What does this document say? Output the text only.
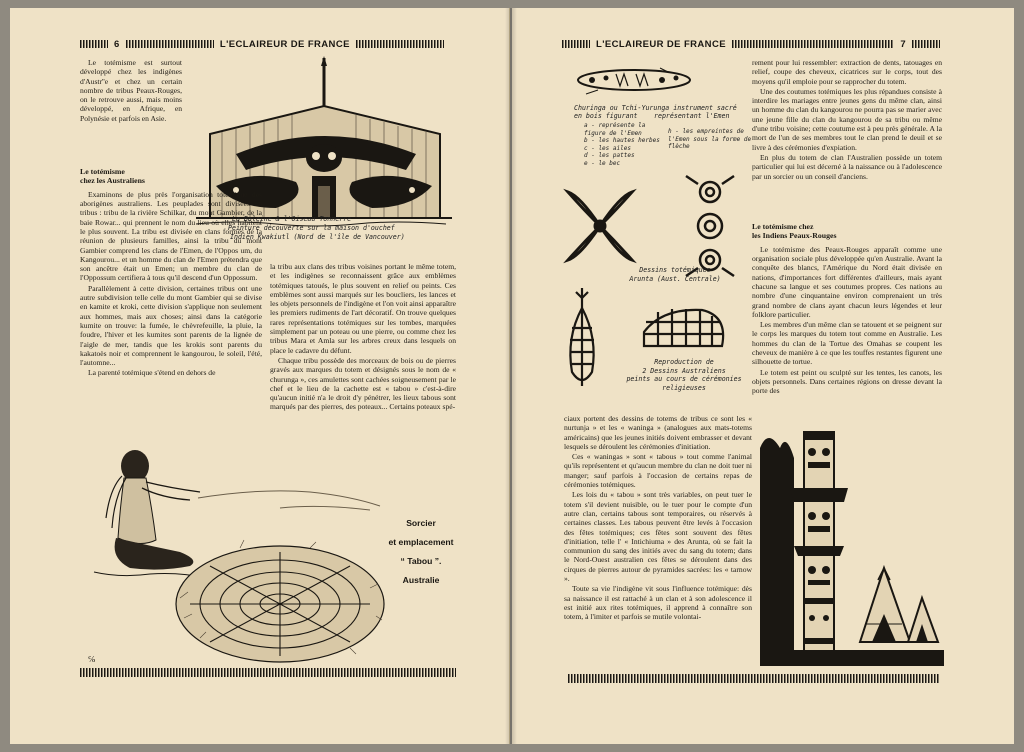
6	L'ECLAIREUR DE FRANCE	L'ECLAIREUR DE FRANCE	7

Le totémisme est surtout développé chez les indigènes d'Austr''e et chez un certain nombre de tribus Peaux-Rouges, on le retrouve aussi, mais moins développé, en Afrique, en Polynésie et parfois en Asie.

La Baleine & l'Oiseau Tonnerre
Peinture découverte sur la maison d'ouchef
Indien Kwakiutl (Nord de l'île de Vancouver)
Le totémisme
chez les Australiens

Examinons de plus près l'organisation totémique des aborigènes australiens. Les peuplades sont divisées en tribus : tribu de la rivière Schilkar, du mont Gambier, de la baie Rowar... qui prennent le nom du lieu où elles habitent le plus souvent. La tribu est divisée en clans formés de la réunion de plusieurs familles, ainsi la tribu du mont Gambier comprend les clans de l'Emen, de l'Oppos um, du Kangourou... et un homme du clan de l'Emen prétendra que son ancêtre était un Emen; un membre du clan de l'Oppossum certifiera à tous qu'il descend d'un Oppossum.

Parallèlement à cette division, certaines tribus ont une autre subdivision telle celle du mont Gambier qui se divise en kamite et kroki, cette division s'applique non seulement aux hommes, mais aux choses; ainsi dans la catégorie kumite on trouve: la fumée, le chèvrefeuille, la pluie, la foudre, l'hiver et les kumites sont parents de la lignée de l'aigle de mer, tandis que les krokis sont parents du kakatoès noir et comprennent le kangourou, le soleil, l'été, l'automne...

La parenté totémique s'étend en dehors de

la tribu aux clans des tribus voisines portant le même totem, et les indigènes se reconnaissent grâce aux emblèmes totémiques tatoués, le plus souvent en relief ou peints. Ces emblèmes sont aussi marqués sur les boucliers, les lances et les objets personnels de l'indigène et l'on voit ainsi apparaître les premiers rudiments de l'art décoratif. On trouve quelques rares représentations totémiques sur les tombes, marquées simplement par un poteau ou une pierre, ou comme chez les tribus Mara et Amla sur les arbres creux dans lesquels on place le cadavre du défunt.

Chaque tribu possède des morceaux de bois ou de pierres gravés aux marques du totem et désignés sous le nom de « churunga », ces amulettes sont cachées soigneusement par le chef et le lieu de la cachette est « tabou » c'est-à-dire qu'aucun initié n'a le droit d'y pénétrer, les lieux tabous sont marqués par des pierres, des poteaux... Certains poteaux spé-

℅
Sorcier
et emplacement
“ Tabou ”.
Australie
Churinga ou Tchi-Yurunga instrument sacré
représentant l'Emen
en bois figurant
a - représente la figure de l'Emen
b - les hautes herbes
c - les ailes
d - les pattes
e - le bec
h - les empreintes de l'Emen sous la forme de flèche
Dessins totémiques
Arunta (Aust. Centrale)
Reproduction de
2 Dessins Australiens
peints au cours de cérémonies
religieuses

rement pour lui ressembler: extraction de dents, tatouages en relief, coupe des cheveux, cicatrices sur le corps, tout des moyens qu'il emploie pour se rapprocher du totem.

Une des coutumes totémiques les plus répandues consiste à interdire les mariages entre jeunes gens du même clan, ainsi un homme du clan du kangourou ne pourra pas se marier avec une jeune fille du clan du kangourou de sa tribu ou même d'une tribu voisine; cette coutume est à peu près générale. A la mort de l'un de ses membres tout le clan prend le deuil et se livre à des cérémonies d'expiation.

En plus du totem de clan l'Australien possède un totem particulier qui lui est décerné à la naissance ou à l'adolescence par un sorcier ou un conseil d'anciens.

Le totémisme chez
les Indiens Peaux-Rouges

Le totémisme des Peaux-Rouges apparaît comme une organisation sociale plus développée qu'en Australie. Avant la conquête des blancs, l'Amérique du Nord était divisée en nations, d'importances fort différentes d'ailleurs, mais ayant chacune sa langue et ses coutumes propres. Ces nations au nombre d'une cinquantaine environ comprenaient un très grand nombre de clans ayant chacun leurs légendes et leur folklore particulier.

Les membres d'un même clan se tatouent et se peignent sur le corps les marques du totem tout comme en Australie. Les hommes du clan de la Tortue des Omahas se coupent les cheveux de manière à ce que les touffes restantes figurent une silhouette de tortue.

Le totem est peint ou sculpté sur les tentes, les canots, les objets personnels. Dans certaines régions on dresse devant la porte des

ciaux portent des dessins de totems de tribus ce sont les « nurtunja » et les « waninga » (analogues aux mats-totems américains) que les jeunes initiés doivent embrasser et devant lesquels se déroulent les cérémonies d'initiation.

Ces « waningas » sont « tabous » tout comme l'animal qu'ils représentent et qu'aucun membre du clan ne doit tuer ni manger; sauf parfois à l'occasion de certains repas de cérémonies totémiques.

Les lois du « tabou » sont très variables, on peut tuer le totem s'il devient nuisible, ou le tuer pour le compte d'un autre clan, certains tabous sont temporaires, ou réservés à certaines classes. Les tabous peuvent être levés à l'occasion des fêtes totémiques; ces fêtes sont souvent des fêtes d'initiation, telle l' « Intichiuma » des Arunta, où se fait la communion du sang des initiés avec du sang du totem; dans le Nord-Ouest australien ces fêtes se déroulent dans des cirques de pierres autour de pyramides sacrées: les « tarnow ».

Toute sa vie l'indigène vit sous l'influence totémique: dès sa naissance il est rattaché à un clan et à son adolescence il est initié aux rites totémiques, il apprend à connaître son totem, à l'imiter et parfois se mutile volontai-
